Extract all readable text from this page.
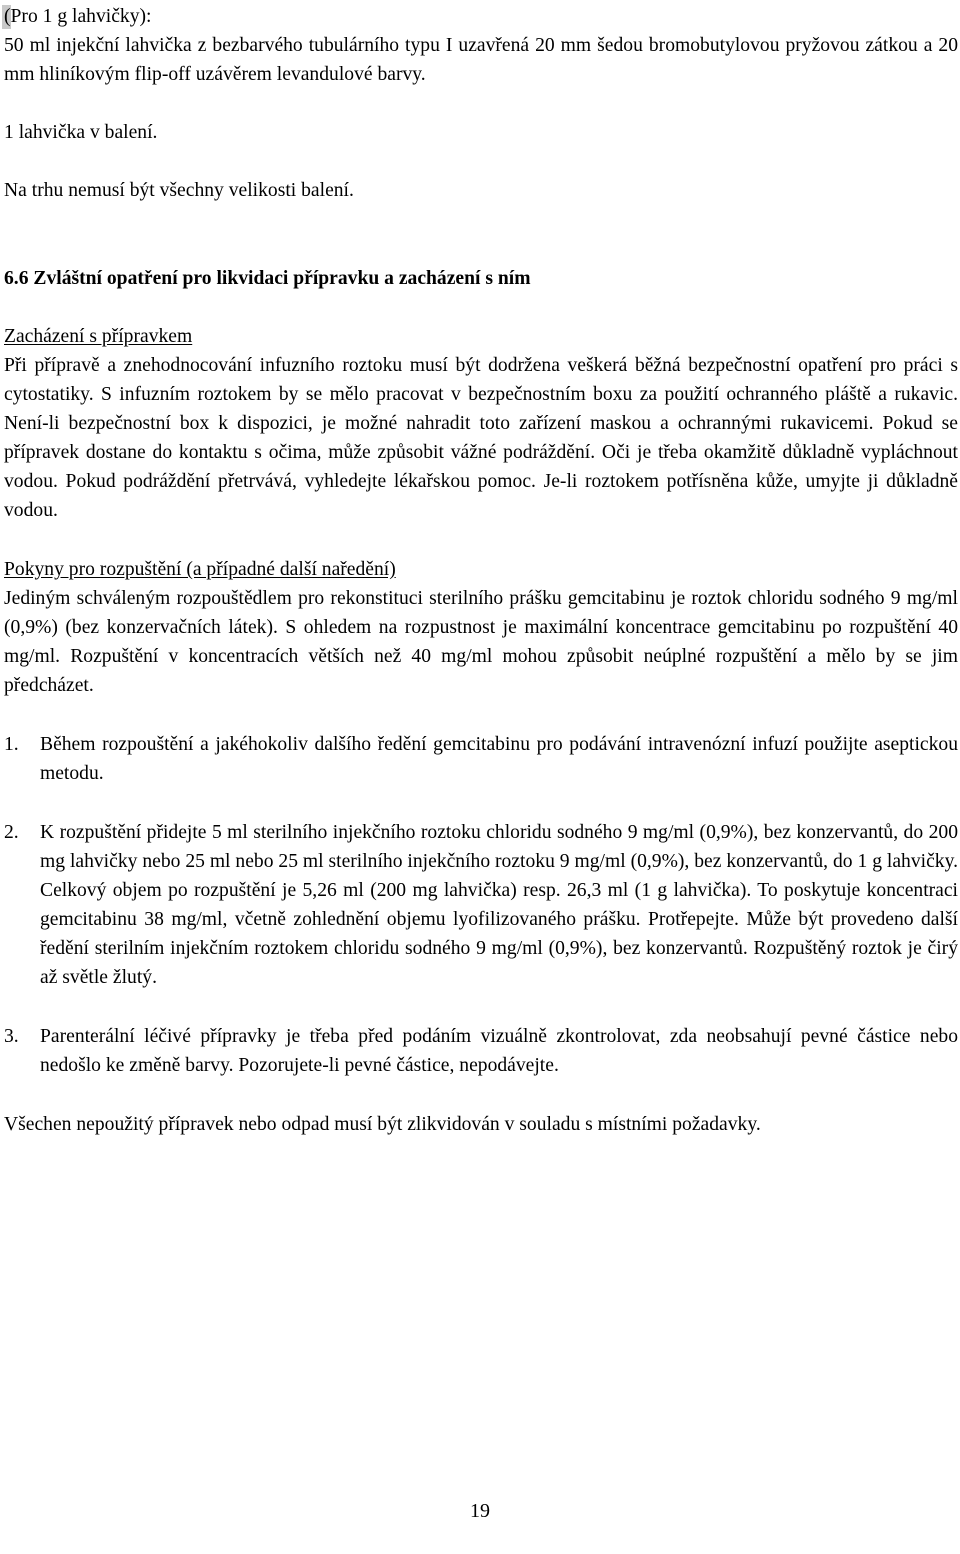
(Pro 1 g lahvičky):

50 ml injekční lahvička z bezbarvého tubulárního typu I uzavřená 20 mm šedou bromobutylovou pryžovou zátkou a 20 mm hliníkovým flip-off uzávěrem levandulové barvy.

1 lahvička v balení.

Na trhu nemusí být všechny velikosti balení.

6.6 Zvláštní opatření pro likvidaci přípravku a zacházení s ním

Zacházení s přípravkem

Při přípravě a znehodnocování infuzního roztoku musí být dodržena veškerá běžná bezpečnostní opatření pro práci s cytostatiky. S infuzním roztokem by se mělo pracovat v bezpečnostním boxu za použití ochranného pláště a rukavic. Není-li bezpečnostní box k dispozici, je možné nahradit toto zařízení maskou a ochrannými rukavicemi. Pokud se přípravek dostane do kontaktu s očima, může způsobit vážné podráždění. Oči je třeba okamžitě důkladně vypláchnout vodou. Pokud podráždění přetrvává, vyhledejte lékařskou pomoc. Je-li roztokem potřísněna kůže, umyjte ji důkladně vodou.

Pokyny pro rozpuštění (a případné další naředění)

Jediným schváleným rozpouštědlem pro rekonstituci sterilního prášku gemcitabinu je roztok chloridu sodného 9 mg/ml (0,9%) (bez konzervačních látek). S ohledem na rozpustnost je maximální koncentrace gemcitabinu po rozpuštění 40 mg/ml. Rozpuštění v koncentracích větších než 40 mg/ml mohou způsobit neúplné rozpuštění a mělo by se jim předcházet.

1. Během rozpouštění a jakéhokoliv dalšího ředění gemcitabinu pro podávání intravenózní infuzí použijte aseptickou metodu.

2. K rozpuštění přidejte 5 ml sterilního injekčního roztoku chloridu sodného 9 mg/ml (0,9%), bez konzervantů, do 200 mg lahvičky nebo 25 ml nebo 25 ml sterilního injekčního roztoku 9 mg/ml (0,9%), bez konzervantů, do 1 g lahvičky. Celkový objem po rozpuštění je 5,26 ml (200 mg lahvička) resp. 26,3 ml (1 g lahvička). To poskytuje koncentraci gemcitabinu 38 mg/ml, včetně zohlednění objemu lyofilizovaného prášku. Protřepejte. Může být provedeno další ředění sterilním injekčním roztokem chloridu sodného 9 mg/ml (0,9%), bez konzervantů. Rozpuštěný roztok je čirý až světle žlutý.

3. Parenterální léčivé přípravky je třeba před podáním vizuálně zkontrolovat, zda neobsahují pevné částice nebo nedošlo ke změně barvy. Pozorujete-li pevné částice, nepodávejte.

Všechen nepoužitý přípravek nebo odpad musí být zlikvidován v souladu s místními požadavky.

19
